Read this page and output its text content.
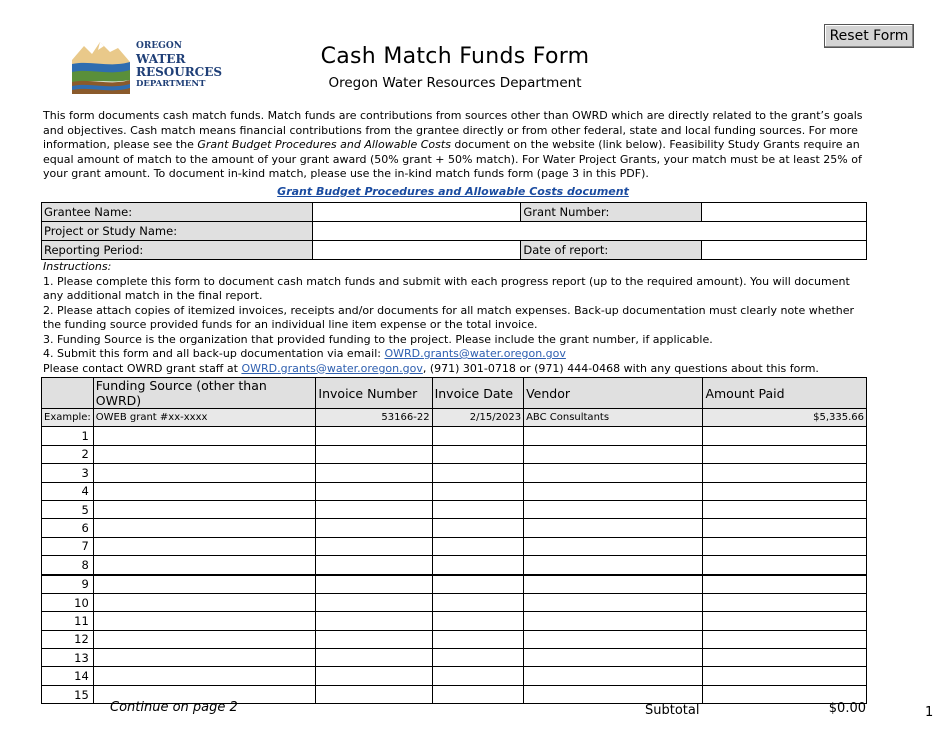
Reset Form
OREGON
WATER
RESOURCES
DEPARTMENT
Cash Match Funds Form
Oregon Water Resources Department
This form documents cash match funds. Match funds are contributions from sources other than OWRD which are directly related to the grant’s goals and objectives. Cash match means financial contributions from the grantee directly or from other federal, state and local funding sources. For more information, please see the Grant Budget Procedures and Allowable Costs document on the website (link below). Feasibility Study Grants require an equal amount of match to the amount of your grant award (50% grant + 50% match). For Water Project Grants, your match must be at least 25% of your grant amount. To document in-kind match, please use the in-kind match funds form (page 3 in this PDF).
Grant Budget Procedures and Allowable Costs document
Grantee Name:		Grant Number:	
Project or Study Name:			
Reporting Period:		Date of report:	
Instructions:
1. Please complete this form to document cash match funds and submit with each progress report (up to the required amount). You will document any additional match in the final report.
2. Please attach copies of itemized invoices, receipts and/or documents for all match expenses. Back-up documentation must clearly note whether the funding source provided funds for an individual line item expense or the total invoice.
3. Funding Source is the organization that provided funding to the project. Please include the grant number, if applicable.
4. Submit this form and all back-up documentation via email: OWRD.grants@water.oregon.gov
Please contact OWRD grant staff at OWRD.grants@water.oregon.gov, (971) 301-0718 or (971) 444-0468 with any questions about this form.
	Funding Source (other than OWRD)	Invoice Number	Invoice Date	Vendor	Amount Paid
Example:	OWEB grant #xx-xxxx	53166-22	2/15/2023	ABC Consultants	$5,335.66
1					
2					
3					
4					
5					
6					
7					
8					
9					
10					
11					
12					
13					
14					
15					
Continue on page 2	Subtotal	$0.00	1
